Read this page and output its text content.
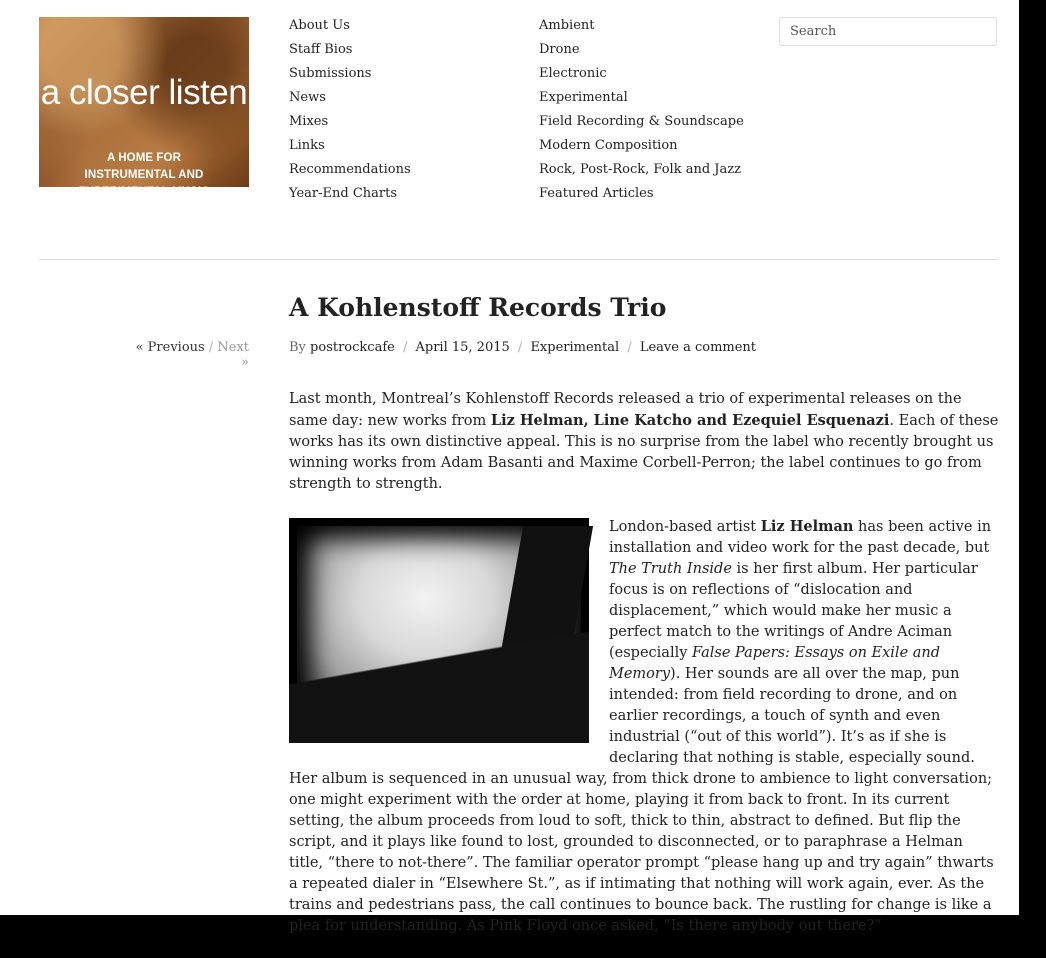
a closer listen
A HOME FOR INSTRUMENTAL AND EXPERIMENTAL MUSIC
About Us
Staff Bios
Submissions
News
Mixes
Links
Recommendations
Year-End Charts
Ambient
Drone
Electronic
Experimental
Field Recording & Soundscape
Modern Composition
Rock, Post-Rock, Folk and Jazz
Featured Articles
Search
« Previous / Next »
A Kohlenstoff Records Trio
By postrockcafe / April 15, 2015 / Experimental / Leave a comment

Last month, Montreal’s Kohlenstoff Records released a trio of experimental releases on the same day: new works from Liz Helman, Line Katcho and Ezequiel Esquenazi. Each of these works has its own distinctive appeal. This is no surprise from the label who recently brought us winning works from Adam Basanti and Maxime Corbell-Perron; the label continues to go from strength to strength.

London-based artist Liz Helman has been active in installation and video work for the past decade, but The Truth Inside is her first album. Her particular focus is on reflections of “dislocation and displacement,” which would make her music a perfect match to the writings of Andre Aciman (especially False Papers: Essays on Exile and Memory). Her sounds are all over the map, pun intended: from field recording to drone, and on earlier recordings, a touch of synth and even industrial (“out of this world”). It’s as if she is declaring that nothing is stable, especially sound. Her album is sequenced in an unusual way, from thick drone to ambience to light conversation; one might experiment with the order at home, playing it from back to front. In its current setting, the album proceeds from loud to soft, thick to thin, abstract to defined. But flip the script, and it plays like found to lost, grounded to disconnected, or to paraphrase a Helman title, “there to not-there”. The familiar operator prompt “please hang up and try again” thwarts a repeated dialer in “Elsewhere St.”, as if intimating that nothing will work again, ever. As the trains and pedestrians pass, the call continues to bounce back. The rustling for change is like a plea for understanding. As Pink Floyd once asked, “Is there anybody out there?”
